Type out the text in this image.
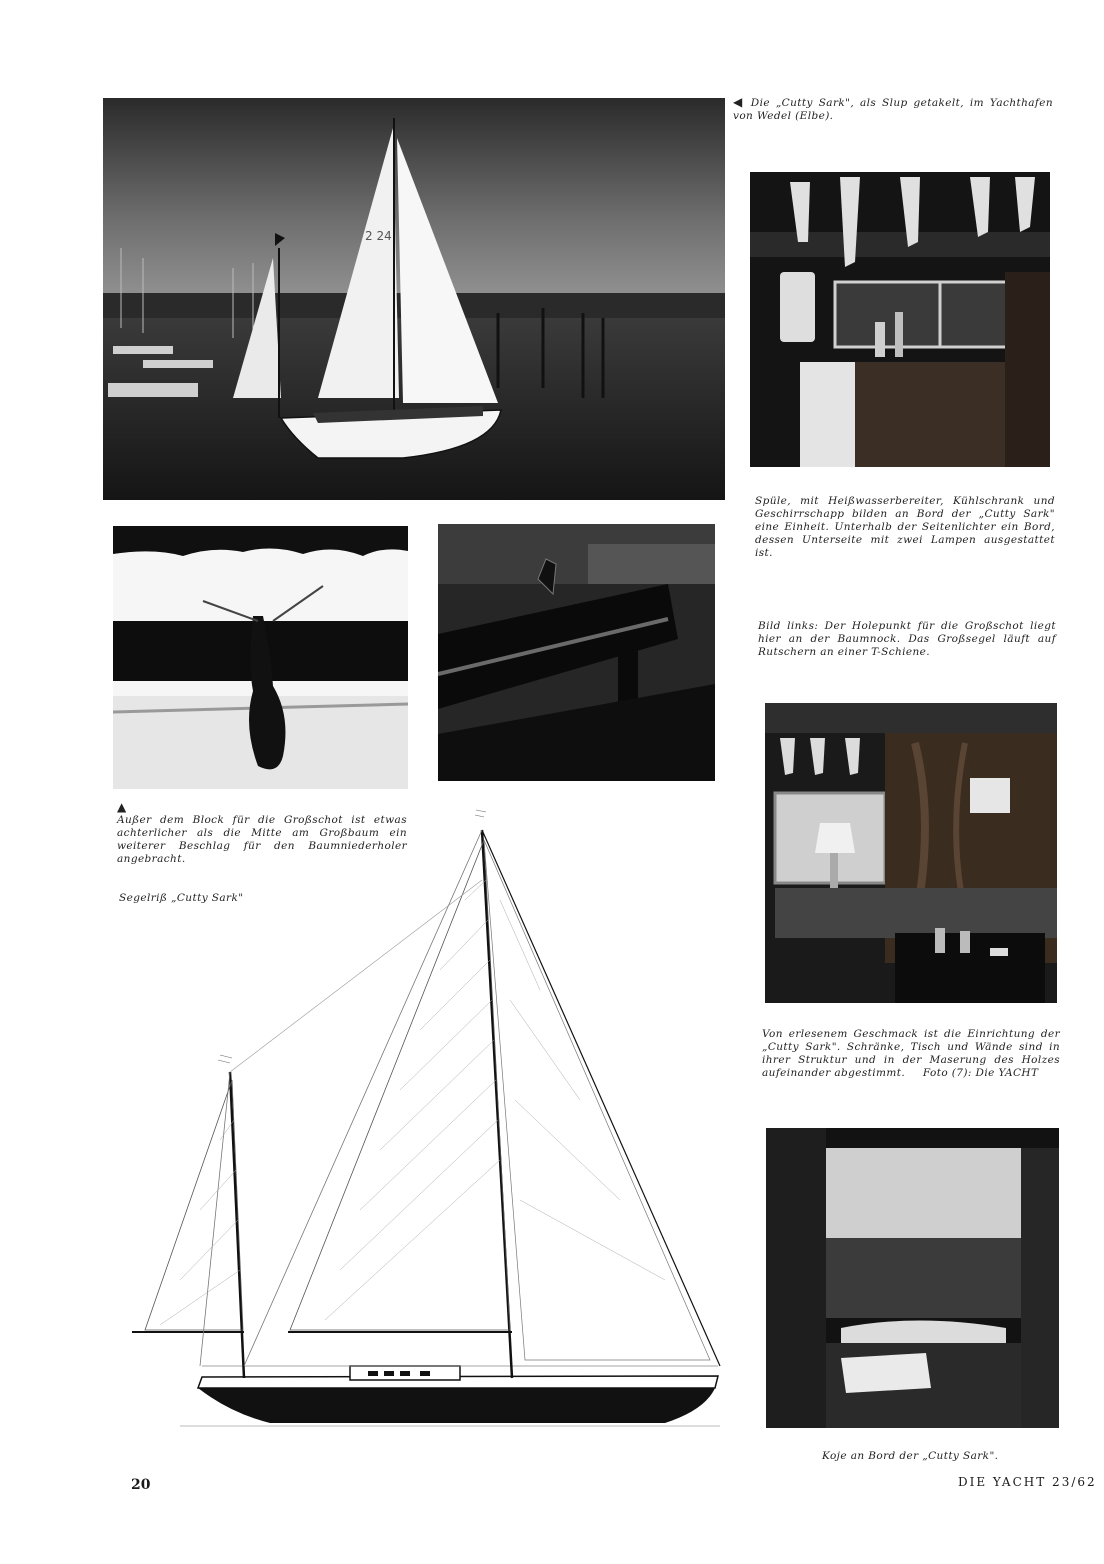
2 24
◀ Die „Cutty Sark", als Slup getakelt, im Yachthafen von Wedel (Elbe).
Spüle, mit Heißwasserbereiter, Kühlschrank und Geschirrschapp bilden an Bord der „Cutty Sark" eine Einheit. Unterhalb der Seitenlichter ein Bord, dessen Unterseite mit zwei Lampen ausgestattet ist.
▲
Außer dem Block für die Großschot ist etwas achterlicher als die Mitte am Großbaum ein weiterer Beschlag für den Baumniederholer angebracht.
Segelriß „Cutty Sark"
Bild links: Der Holepunkt für die Großschot liegt hier an der Baumnock. Das Großsegel läuft auf Rutschern an einer T-Schiene.
Von erlesenem Geschmack ist die Einrichtung der „Cutty Sark". Schränke, Tisch und Wände sind in ihrer Struktur und in der Maserung des Holzes aufeinander abgestimmt. Foto (7): Die YACHT
Koje an Bord der „Cutty Sark".
20	DIE YACHT 23/62
